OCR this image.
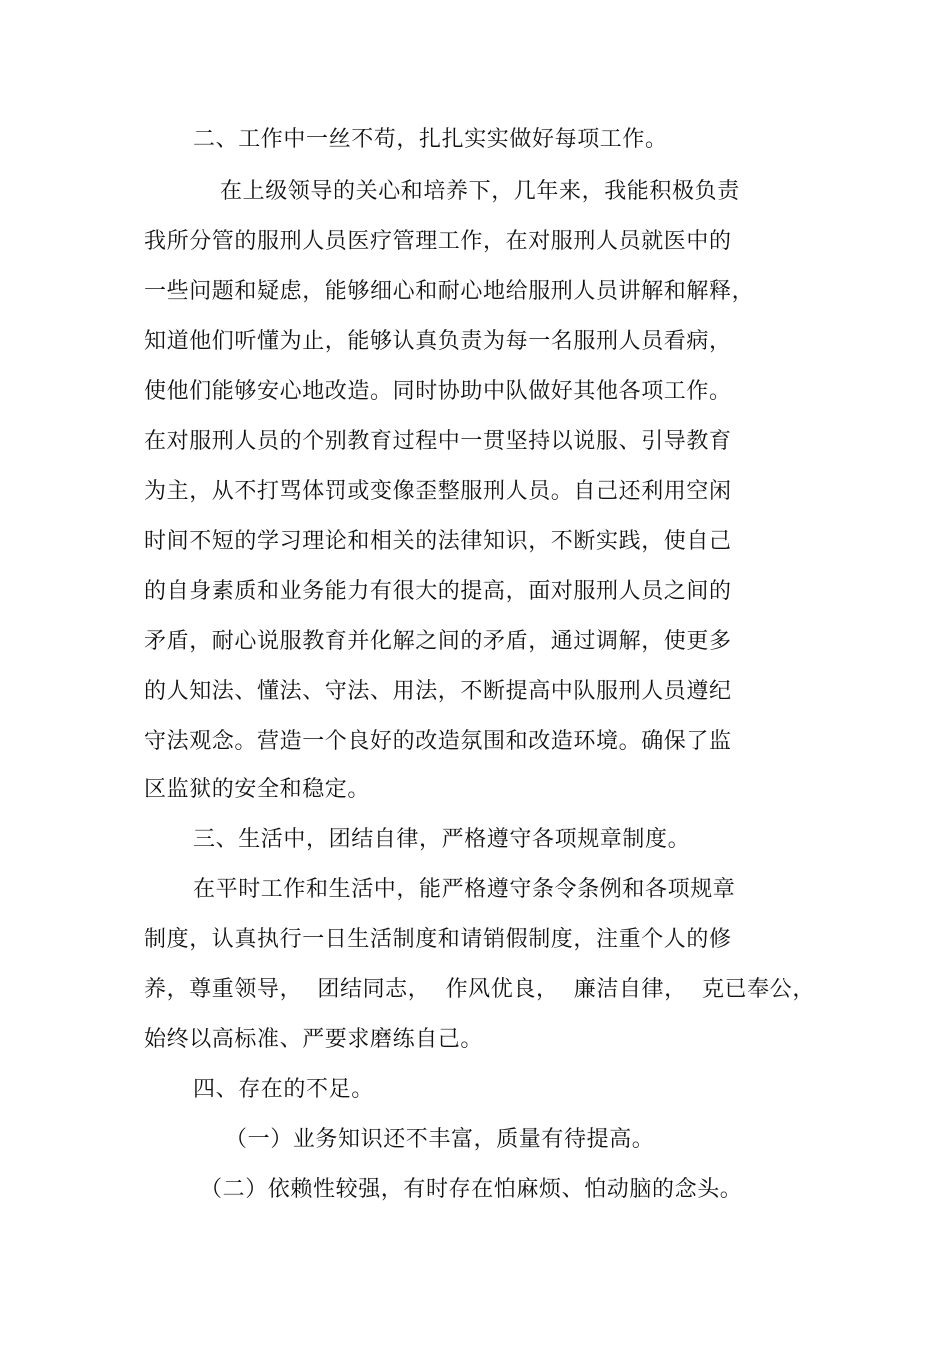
二、工作中一丝不苟，扎扎实实做好每项工作。
在上级领导的关心和培养下，几年来，我能积极负责
我所分管的服刑人员医疗管理工作，在对服刑人员就医中的
一些问题和疑虑，能够细心和耐心地给服刑人员讲解和解释，
知道他们听懂为止，能够认真负责为每一名服刑人员看病，
使他们能够安心地改造。同时协助中队做好其他各项工作。
在对服刑人员的个别教育过程中一贯坚持以说服、引导教育
为主，从不打骂体罚或变像歪整服刑人员。自己还利用空闲
时间不短的学习理论和相关的法律知识，不断实践，使自己
的自身素质和业务能力有很大的提高，面对服刑人员之间的
矛盾，耐心说服教育并化解之间的矛盾，通过调解，使更多
的人知法、懂法、守法、用法，不断提高中队服刑人员遵纪
守法观念。营造一个良好的改造氛围和改造环境。确保了监
区监狱的安全和稳定。
三、生活中，团结自律，严格遵守各项规章制度。
在平时工作和生活中，能严格遵守条令条例和各项规章
制度，认真执行一日生活制度和请销假制度，注重个人的修
养，尊重领导，  团结同志，  作风优良，  廉洁自律，  克已奉公，
始终以高标准、严要求磨练自己。
四、存在的不足。
（一）业务知识还不丰富，质量有待提高。
（二）依赖性较强，有时存在怕麻烦、怕动脑的念头。
